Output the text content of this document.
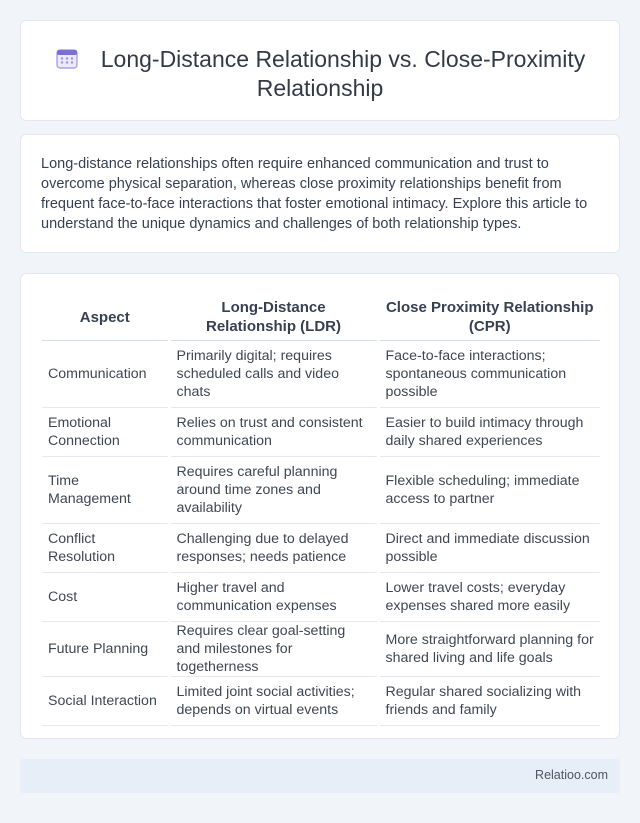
Long-Distance Relationship vs. Close-Proximity
Relationship

Long-distance relationships often require enhanced communication and trust to overcome physical separation, whereas close proximity relationships benefit from frequent face-to-face interactions that foster emotional intimacy. Explore this article to understand the unique dynamics and challenges of both relationship types.

Aspect	Long-Distance Relationship (LDR)	Close Proximity Relationship (CPR)
Communication	Primarily digital; requires scheduled calls and video chats	Face-to-face interactions; spontaneous communication possible
Emotional Connection	Relies on trust and consistent communication	Easier to build intimacy through daily shared experiences
Time Management	Requires careful planning around time zones and availability	Flexible scheduling; immediate access to partner
Conflict Resolution	Challenging due to delayed responses; needs patience	Direct and immediate discussion possible
Cost	Higher travel and communication expenses	Lower travel costs; everyday expenses shared more easily
Future Planning	Requires clear goal-setting and milestones for togetherness	More straightforward planning for shared living and life goals
Social Interaction	Limited joint social activities; depends on virtual events	Regular shared socializing with friends and family
Relatioo.com
